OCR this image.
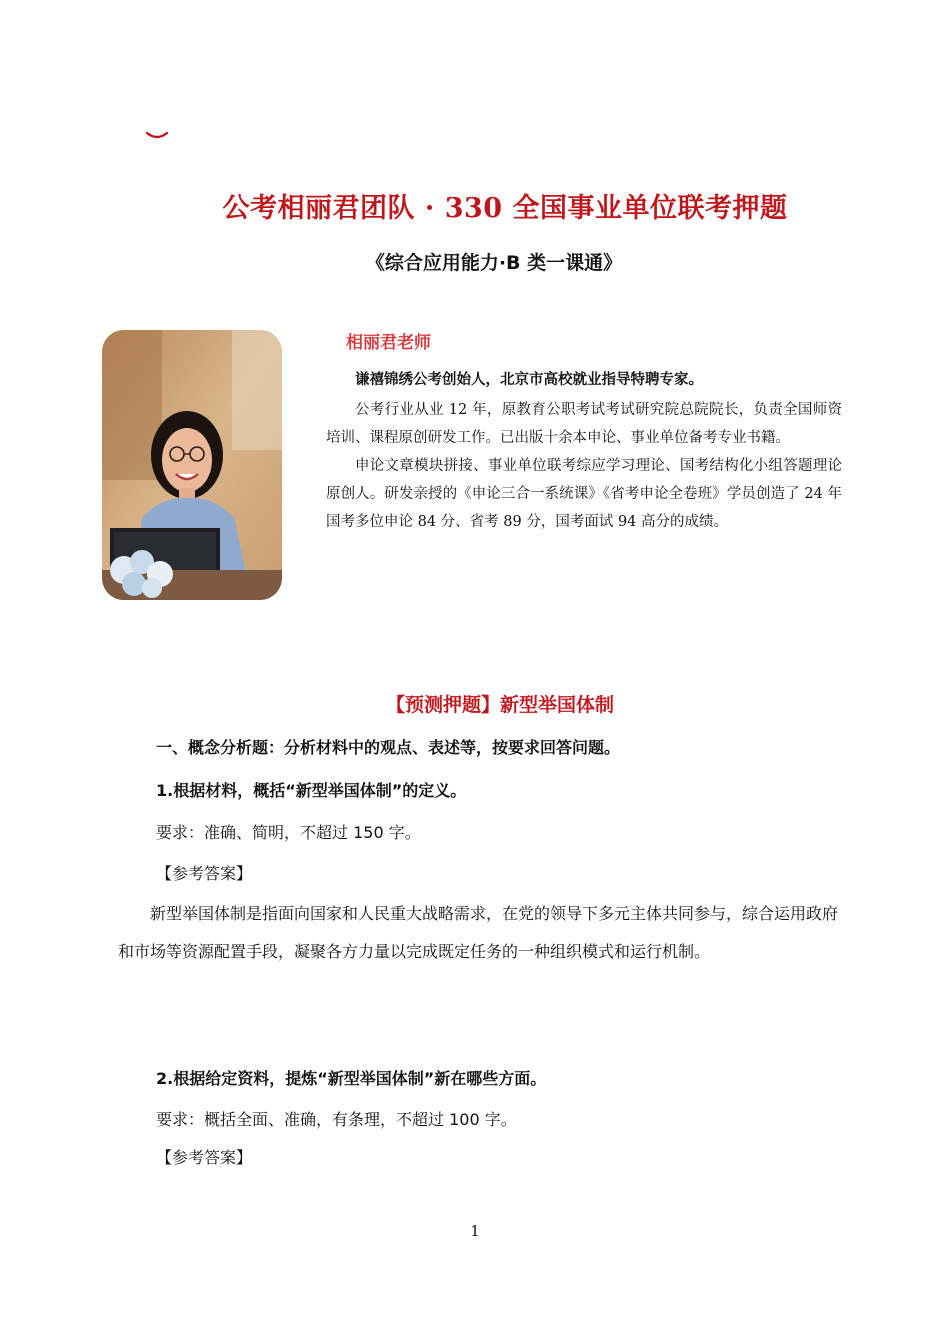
公考相丽君团队 · 330 全国事业单位联考押题
《综合应用能力·B 类一课通》
相丽君老师

谦禧锦绣公考创始人，北京市高校就业指导特聘专家。

公考行业从业 12 年，原教育公职考试考试研究院总院院长，负责全国师资培训、课程原创研发工作。已出版十余本申论、事业单位备考专业书籍。

申论文章模块拼接、事业单位联考综应学习理论、国考结构化小组答题理论原创人。研发亲授的《申论三合一系统课》《省考申论全卷班》学员创造了 24 年国考多位申论 84 分、省考 89 分，国考面试 94 高分的成绩。

【预测押题】新型举国体制
一、概念分析题：分析材料中的观点、表述等，按要求回答问题。
1.根据材料，概括“新型举国体制”的定义。
要求：准确、简明，不超过 150 字。
【参考答案】
新型举国体制是指面向国家和人民重大战略需求，在党的领导下多元主体共同参与，综合运用政府和市场等资源配置手段，凝聚各方力量以完成既定任务的一种组织模式和运行机制。
2.根据给定资料，提炼“新型举国体制”新在哪些方面。
要求：概括全面、准确，有条理，不超过 100 字。
【参考答案】
1
